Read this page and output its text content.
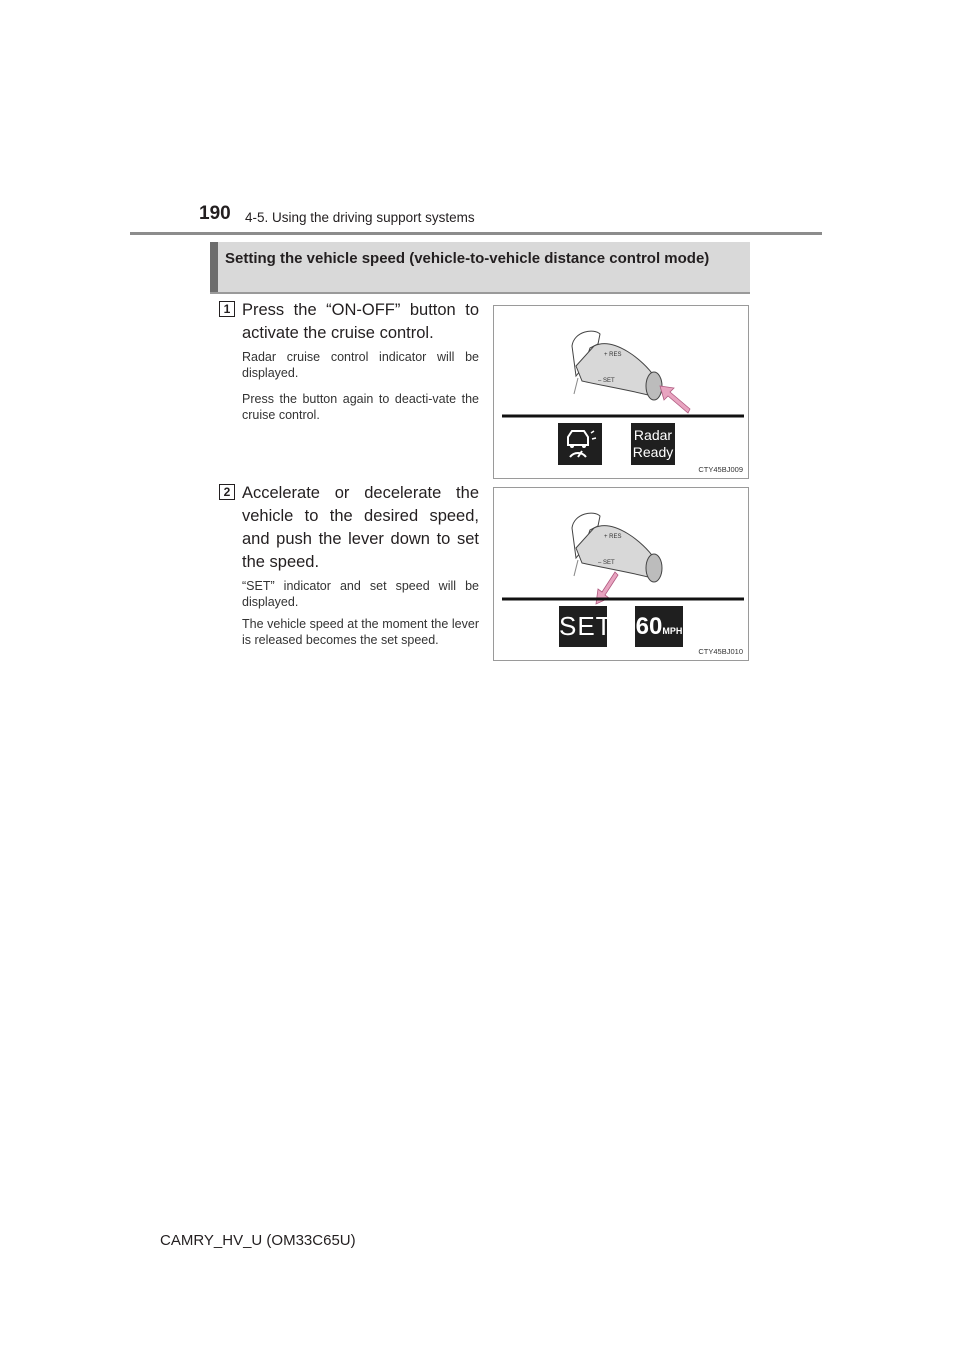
190 4-5. Using the driving support systems
Setting the vehicle speed (vehicle-to-vehicle distance control mode)
1 Press the “ON-OFF” button to activate the cruise control.
Radar cruise control indicator will be displayed.
Press the button again to deacti-vate the cruise control.
+ RES
– SET
Radar
Ready
CTY45BJ009
2 Accelerate or decelerate the vehicle to the desired speed, and push the lever down to set the speed.
“SET” indicator and set speed will be displayed.
The vehicle speed at the moment the lever is released becomes the set speed.
+ RES
– SET
SET 60MPH
CTY45BJ010
CAMRY_HV_U (OM33C65U)
